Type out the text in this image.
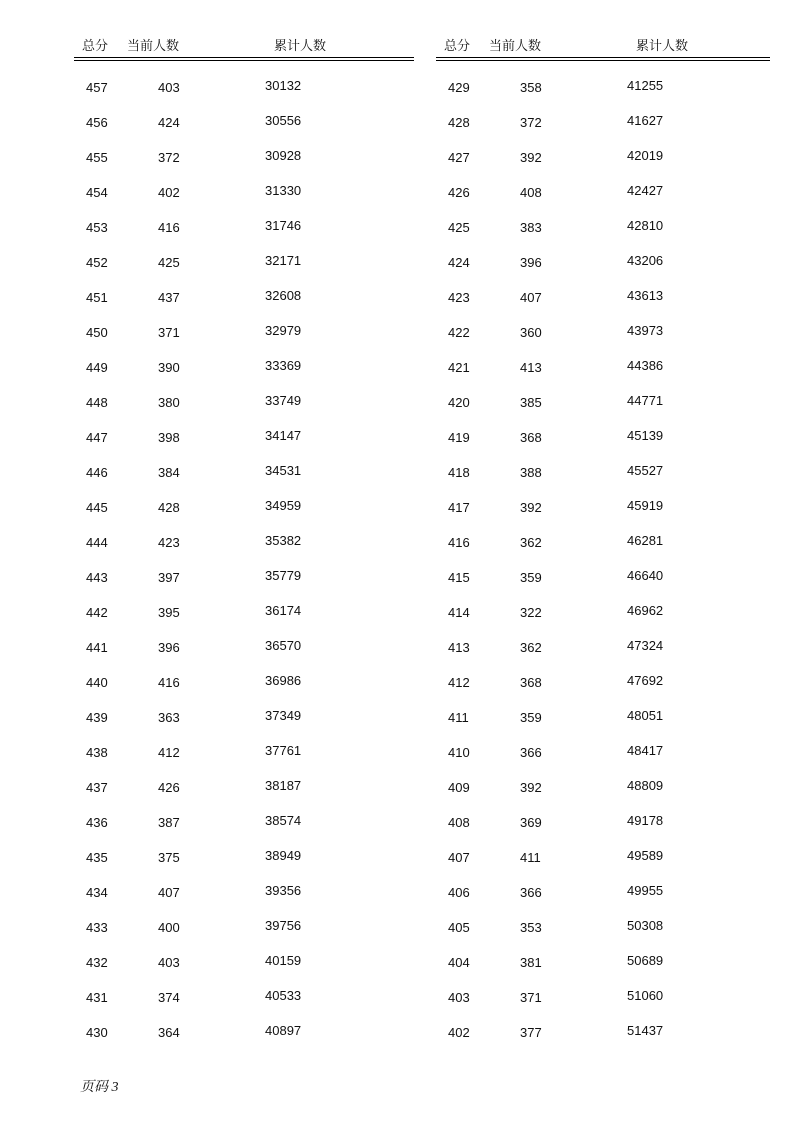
总分 当前人数	累计人数
457	403	30132
456	424	30556
455	372	30928
454	402	31330
453	416	31746
452	425	32171
451	437	32608
450	371	32979
449	390	33369
448	380	33749
447	398	34147
446	384	34531
445	428	34959
444	423	35382
443	397	35779
442	395	36174
441	396	36570
440	416	36986
439	363	37349
438	412	37761
437	426	38187
436	387	38574
435	375	38949
434	407	39356
433	400	39756
432	403	40159
431	374	40533
430	364	40897
总分 当前人数	累计人数
429	358	41255
428	372	41627
427	392	42019
426	408	42427
425	383	42810
424	396	43206
423	407	43613
422	360	43973
421	413	44386
420	385	44771
419	368	45139
418	388	45527
417	392	45919
416	362	46281
415	359	46640
414	322	46962
413	362	47324
412	368	47692
411	359	48051
410	366	48417
409	392	48809
408	369	49178
407	411	49589
406	366	49955
405	353	50308
404	381	50689
403	371	51060
402	377	51437
页码 3
